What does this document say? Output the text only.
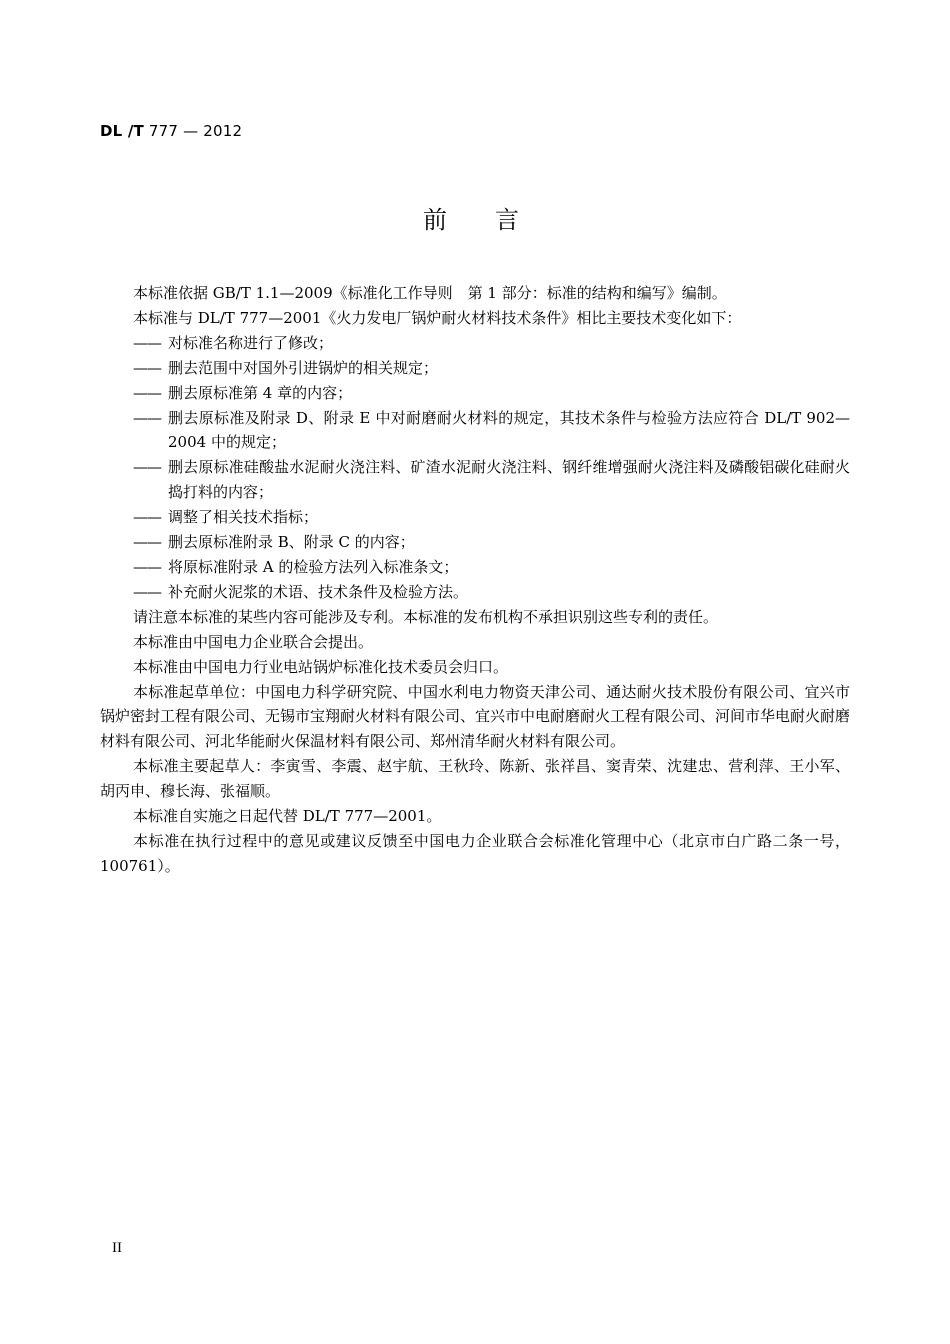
DL /T 777 — 2012
前言

本标准依据 GB/T 1.1—2009《标准化工作导则　第 1 部分：标准的结构和编写》编制。

本标准与 DL/T 777—2001《火力发电厂锅炉耐火材料技术条件》相比主要技术变化如下：

—— 对标准名称进行了修改；
—— 删去范围中对国外引进锅炉的相关规定；
—— 删去原标准第 4 章的内容；
—— 删去原标准及附录 D、附录 E 中对耐磨耐火材料的规定，其技术条件与检验方法应符合 DL/T 902—2004 中的规定；
—— 删去原标准硅酸盐水泥耐火浇注料、矿渣水泥耐火浇注料、钢纤维增强耐火浇注料及磷酸铝碳化硅耐火捣打料的内容；
—— 调整了相关技术指标；
—— 删去原标准附录 B、附录 C 的内容；
—— 将原标准附录 A 的检验方法列入标准条文；
—— 补充耐火泥浆的术语、技术条件及检验方法。

请注意本标准的某些内容可能涉及专利。本标准的发布机构不承担识别这些专利的责任。

本标准由中国电力企业联合会提出。

本标准由中国电力行业电站锅炉标准化技术委员会归口。

本标准起草单位：中国电力科学研究院、中国水利电力物资天津公司、通达耐火技术股份有限公司、宜兴市锅炉密封工程有限公司、无锡市宝翔耐火材料有限公司、宜兴市中电耐磨耐火工程有限公司、河间市华电耐火耐磨材料有限公司、河北华能耐火保温材料有限公司、郑州清华耐火材料有限公司。

本标准主要起草人：李寅雪、李震、赵宇航、王秋玲、陈新、张祥昌、窦青荣、沈建忠、营利萍、王小军、胡丙申、穆长海、张福顺。

本标准自实施之日起代替 DL/T 777—2001。

本标准在执行过程中的意见或建议反馈至中国电力企业联合会标准化管理中心（北京市白广路二条一号，100761）。

II
